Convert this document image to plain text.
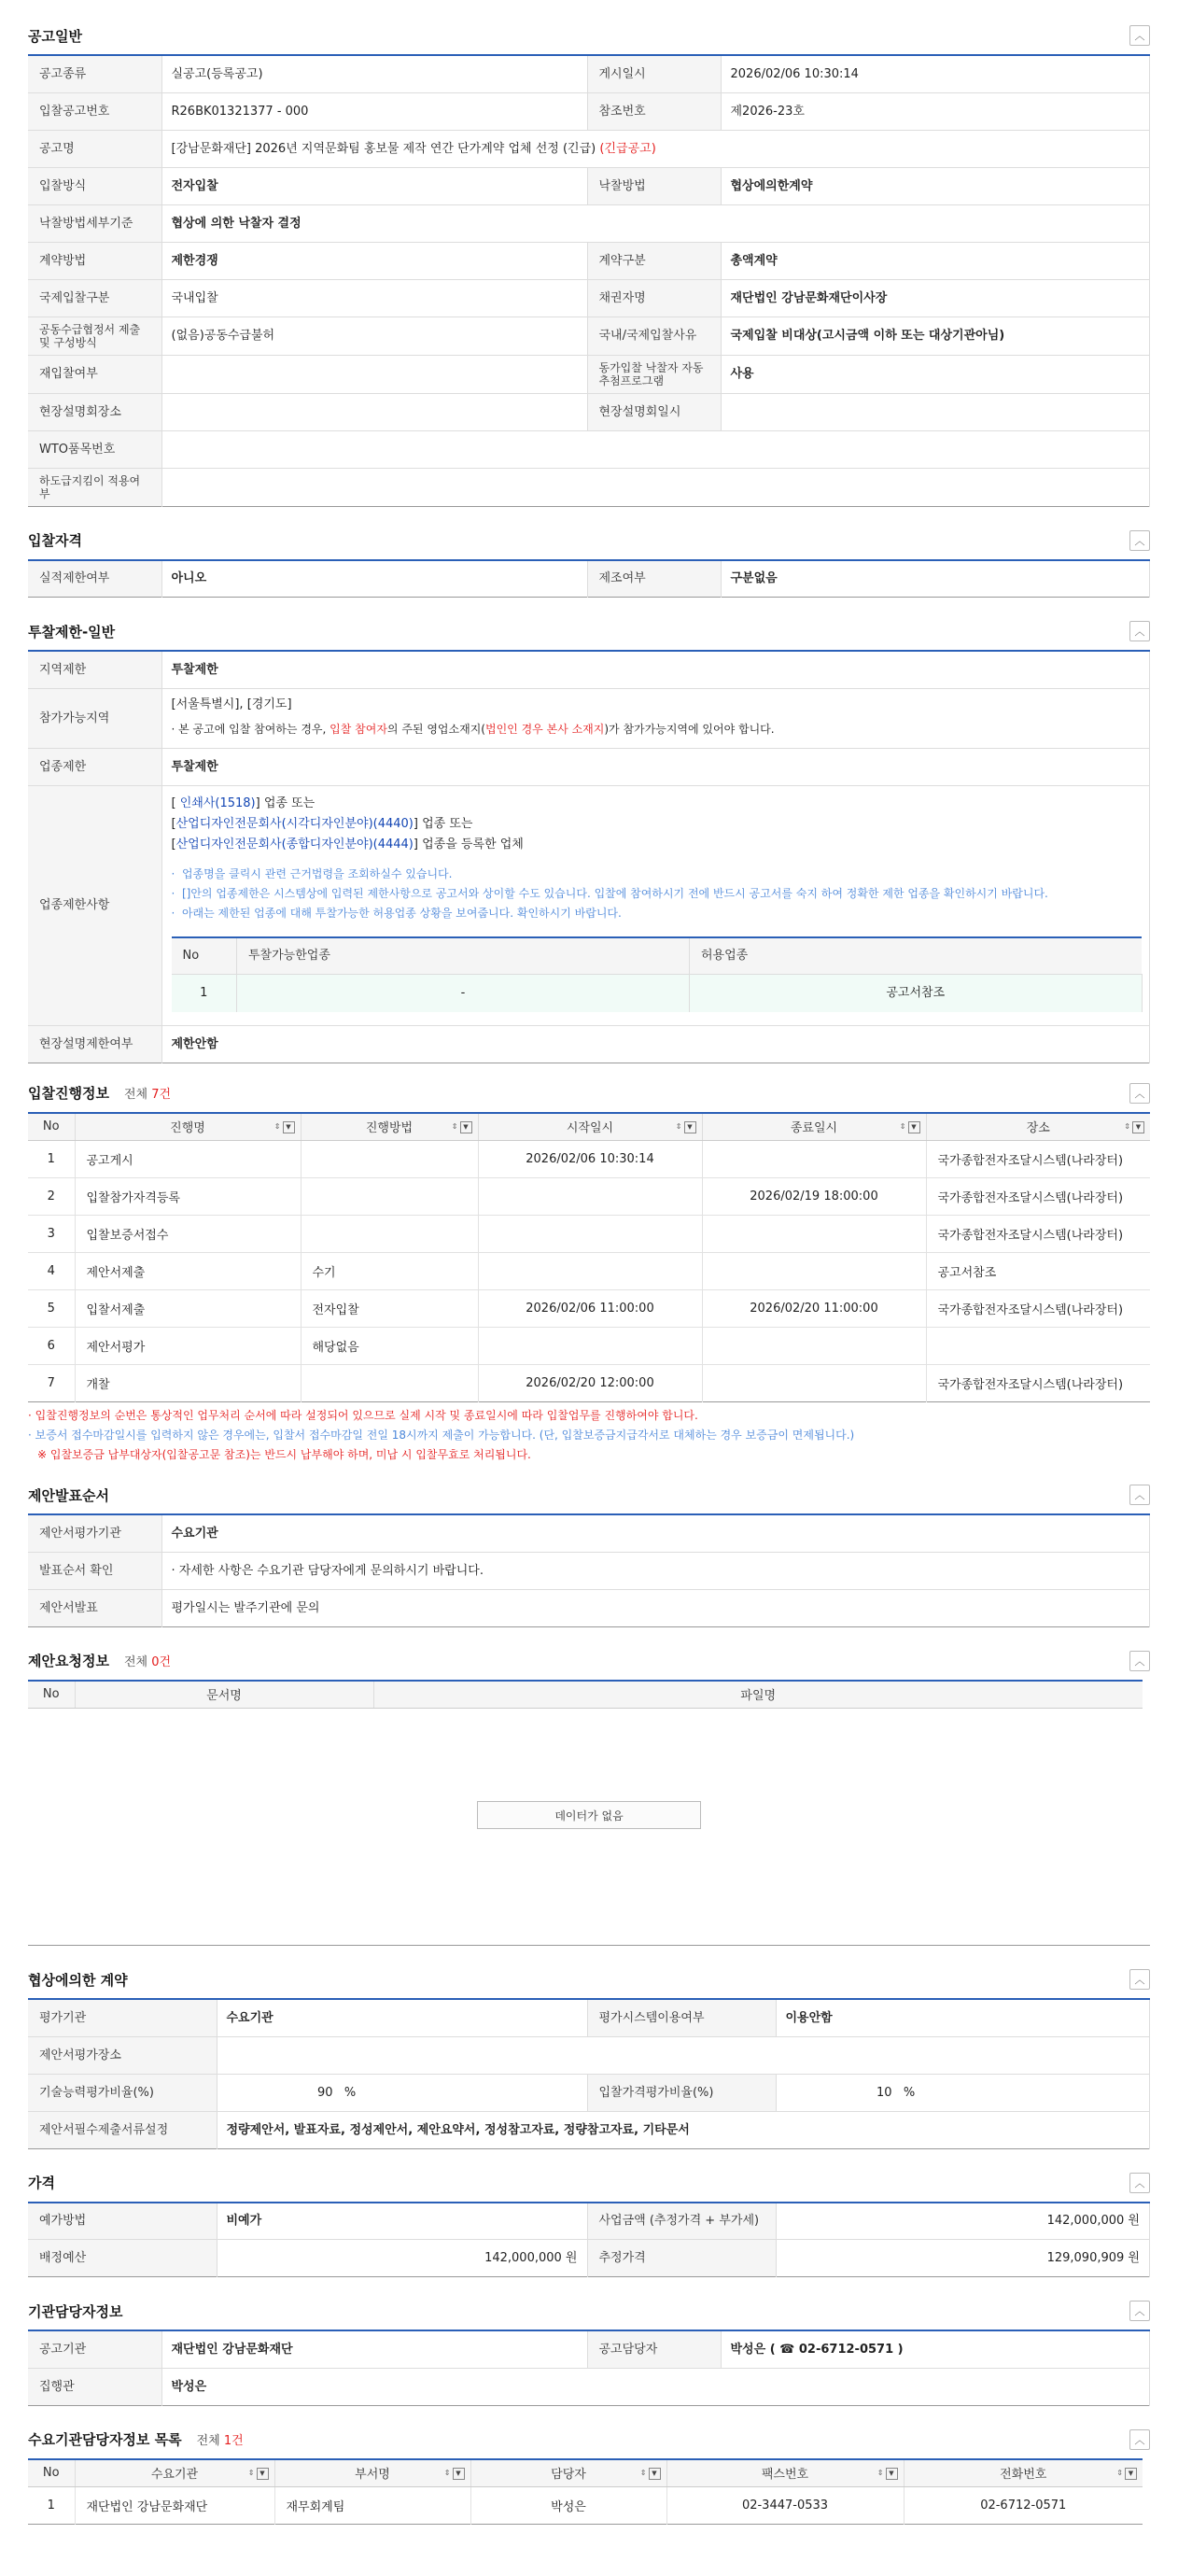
공고일반	︿
공고종류	실공고(등록공고)	게시일시	2026/02/06 10:30:14
입찰공고번호	R26BK01321377 - 000	참조번호	제2026-23호
공고명	[강남문화재단] 2026년 지역문화팀 홍보물 제작 연간 단가계약 업체 선정 (긴급) (긴급공고)		
입찰방식	전자입찰	낙찰방법	협상에의한계약
낙찰방법세부기준	협상에 의한 낙찰자 결정		
계약방법	제한경쟁	계약구분	총액계약
국제입찰구분	국내입찰	채권자명	재단법인 강남문화재단이사장
공동수급협정서 제출 및 구성방식	(없음)공동수급불허	국내/국제입찰사유	국제입찰 비대상(고시금액 이하 또는 대상기관아님)
재입찰여부		동가입찰 낙찰자 자동추첨프로그램	사용
현장설명회장소		현장설명회일시	
WTO품목번호			
하도급지킴이 적용여부			
입찰자격	︿
실적제한여부	아니오	제조여부	구분없음
투찰제한-일반	︿
지역제한	투찰제한
참가가능지역	
[서울특별시], [경기도]
· 본 공고에 입찰 참여하는 경우, 입찰 참여자의 주된 영업소재지(법인인 경우 본사 소재지)가 참가가능지역에 있어야 합니다.

업종제한	투찰제한
업종제한사항	
[ 인쇄사(1518)] 업종 또는
[산업디자인전문회사(시각디자인분야)(4440)] 업종 또는
[산업디자인전문회사(종합디자인분야)(4444)] 업종을 등록한 업체
·  업종명을 클릭시 관련 근거법령을 조회하실수 있습니다.
·  []안의 업종제한은 시스템상에 입력된 제한사항으로 공고서와 상이할 수도 있습니다. 입찰에 참여하시기 전에 반드시 공고서를 숙지 하여 정확한 제한 업종을 확인하시기 바랍니다.
·  아래는 제한된 업종에 대해 투찰가능한 허용업종 상황을 보여줍니다. 확인하시기 바랍니다.
No	투찰가능한업종	허용업종
1	-	공고서참조

현장설명제한여부	제한안함
입찰진행정보 전체 7건	︿
No	진행명 ⇕ ▼	진행방법 ⇕ ▼	시작일시 ⇕ ▼	종료일시 ⇕ ▼	장소 ⇕ ▼

1	공고게시		2026/02/06 10:30:14		국가종합전자조달시스템(나라장터)
2	입찰참가자격등록			2026/02/19 18:00:00	국가종합전자조달시스템(나라장터)
3	입찰보증서접수				국가종합전자조달시스템(나라장터)
4	제안서제출	수기			공고서참조
5	입찰서제출	전자입찰	2026/02/06 11:00:00	2026/02/20 11:00:00	국가종합전자조달시스템(나라장터)
6	제안서평가	해당없음			
7	개찰		2026/02/20 12:00:00		국가종합전자조달시스템(나라장터)
· 입찰진행정보의 순번은 통상적인 업무처리 순서에 따라 설정되어 있으므로 실제 시작 및 종료일시에 따라 입찰업무를 진행하여야 합니다.
· 보증서 접수마감일시를 입력하지 않은 경우에는, 입찰서 접수마감일 전일 18시까지 제출이 가능합니다. (단, 입찰보증금지급각서로 대체하는 경우 보증금이 면제됩니다.)
※ 입찰보증금 납부대상자(입찰공고문 참조)는 반드시 납부해야 하며, 미납 시 입찰무효로 처리됩니다.
제안발표순서	︿
제안서평가기관	수요기관
발표순서 확인	· 자세한 사항은 수요기관 담당자에게 문의하시기 바랍니다.
제안서발표	평가일시는 발주기관에 문의
제안요청정보 전체 0건	︿
No	문서명	파일명
데이터가 없음
협상에의한 계약	︿
평가기관	수요기관	평가시스템이용여부	이용안함
제안서평가장소			
기술능력평가비율(%)	90 %	입찰가격평가비율(%)	10 %
제안서필수제출서류설정	정량제안서, 발표자료, 정성제안서, 제안요약서, 정성참고자료, 정량참고자료, 기타문서		
가격	︿
예가방법	비예가	사업금액 (추정가격 + 부가세)	142,000,000 원
배정예산	142,000,000 원	추정가격	129,090,909 원
기관담당자정보	︿
공고기관	재단법인 강남문화재단	공고담당자	박성은 ( ☎ 02-6712-0571 )
집행관	박성은		
수요기관담당자정보 목록 전체 1건	︿
No	수요기관 ⇕ ▼	부서명 ⇕ ▼	담당자 ⇕ ▼	팩스번호 ⇕ ▼	전화번호 ⇕ ▼

1	재단법인 강남문화재단	재무회계팀	박성은	02-3447-0533	02-6712-0571
